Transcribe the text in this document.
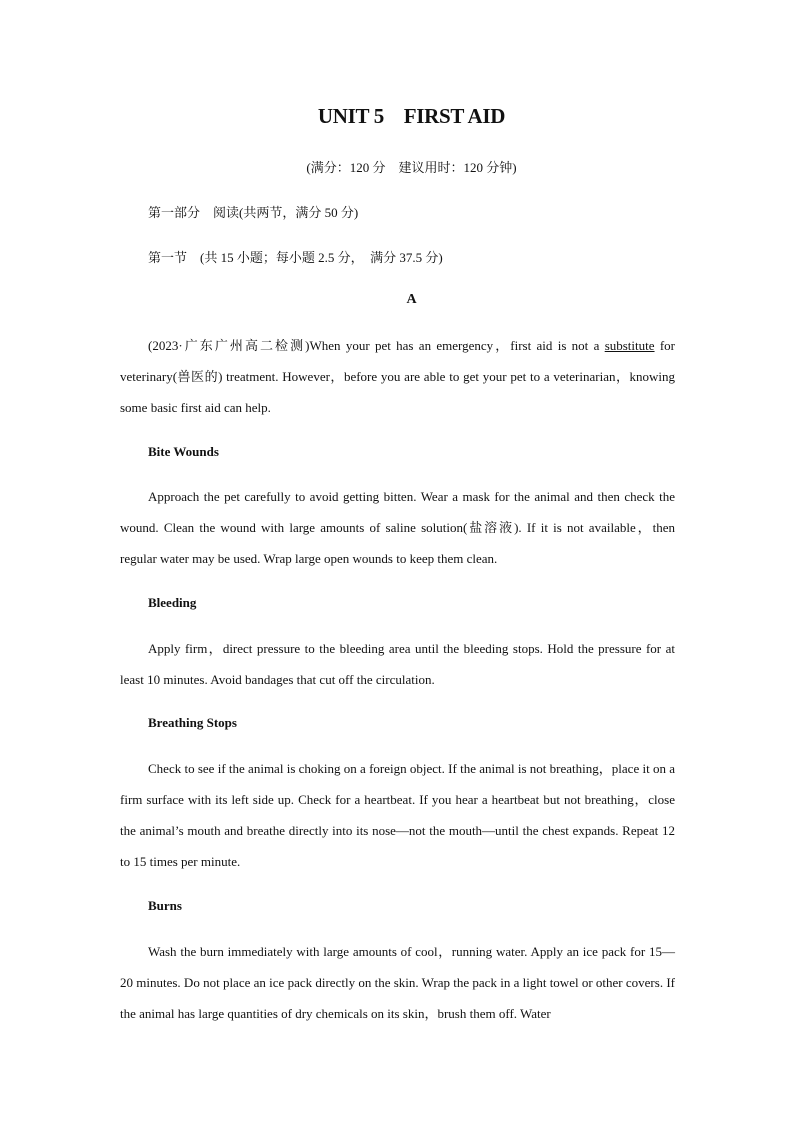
UNIT 5    FIRST AID
(满分：120 分    建议用时：120 分钟)
第一部分    阅读(共两节，满分 50 分)
第一节    (共 15 小题；每小题 2.5 分，  满分 37.5 分)
A

(2023·广东广州高二检测)When your pet has an emergency，first aid is not a substitute for veterinary(兽医的) treatment. However，before you are able to get your pet to a veterinarian，knowing some basic first aid can help.

Bite Wounds

Approach the pet carefully to avoid getting bitten. Wear a mask for the animal and then check the wound. Clean the wound with large amounts of saline solution(盐溶液). If it is not available，then regular water may be used. Wrap large open wounds to keep them clean.

Bleeding

Apply firm，direct pressure to the bleeding area until the bleeding stops. Hold the pressure for at least 10 minutes. Avoid bandages that cut off the circulation.

Breathing Stops

Check to see if the animal is choking on a foreign object. If the animal is not breathing，place it on a firm surface with its left side up. Check for a heartbeat. If you hear a heartbeat but not breathing，close the animal’s mouth and breathe directly into its nose—not the mouth—until the chest expands. Repeat 12 to 15 times per minute.

Burns

Wash the burn immediately with large amounts of cool，running water. Apply an ice pack for 15—20 minutes. Do not place an ice pack directly on the skin. Wrap the pack in a light towel or other covers. If the animal has large quantities of dry chemicals on its skin，brush them off. Water
